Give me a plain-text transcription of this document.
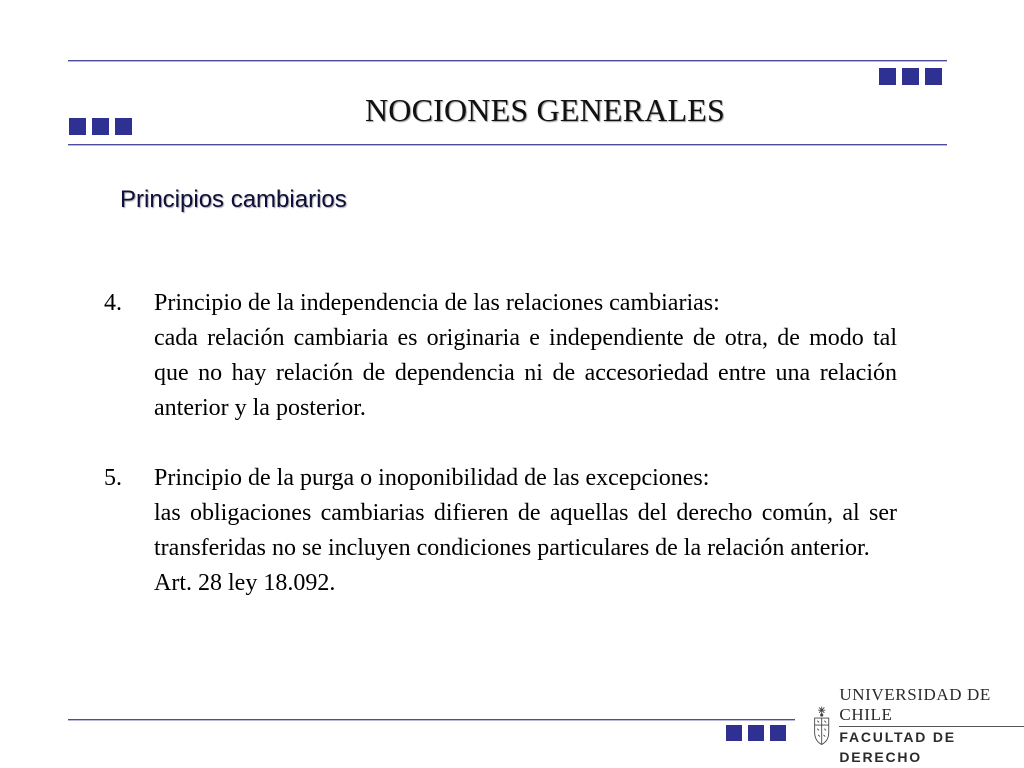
NOCIONES GENERALES
Principios cambiarios
4.	Principio de la independencia de las relaciones cambiarias:

cada relación cambiaria es originaria e independiente de otra, de modo tal que no hay relación de dependencia ni de accesoriedad entre una relación anterior y la posterior.

5.	Principio de la purga o inoponibilidad de las excepciones:

las obligaciones cambiarias difieren de aquellas del derecho común, al ser transferidas no se incluyen condiciones particulares de la relación anterior.

Art. 28 ley 18.092.

UNIVERSIDAD DE CHILE
FACULTAD DE DERECHO
